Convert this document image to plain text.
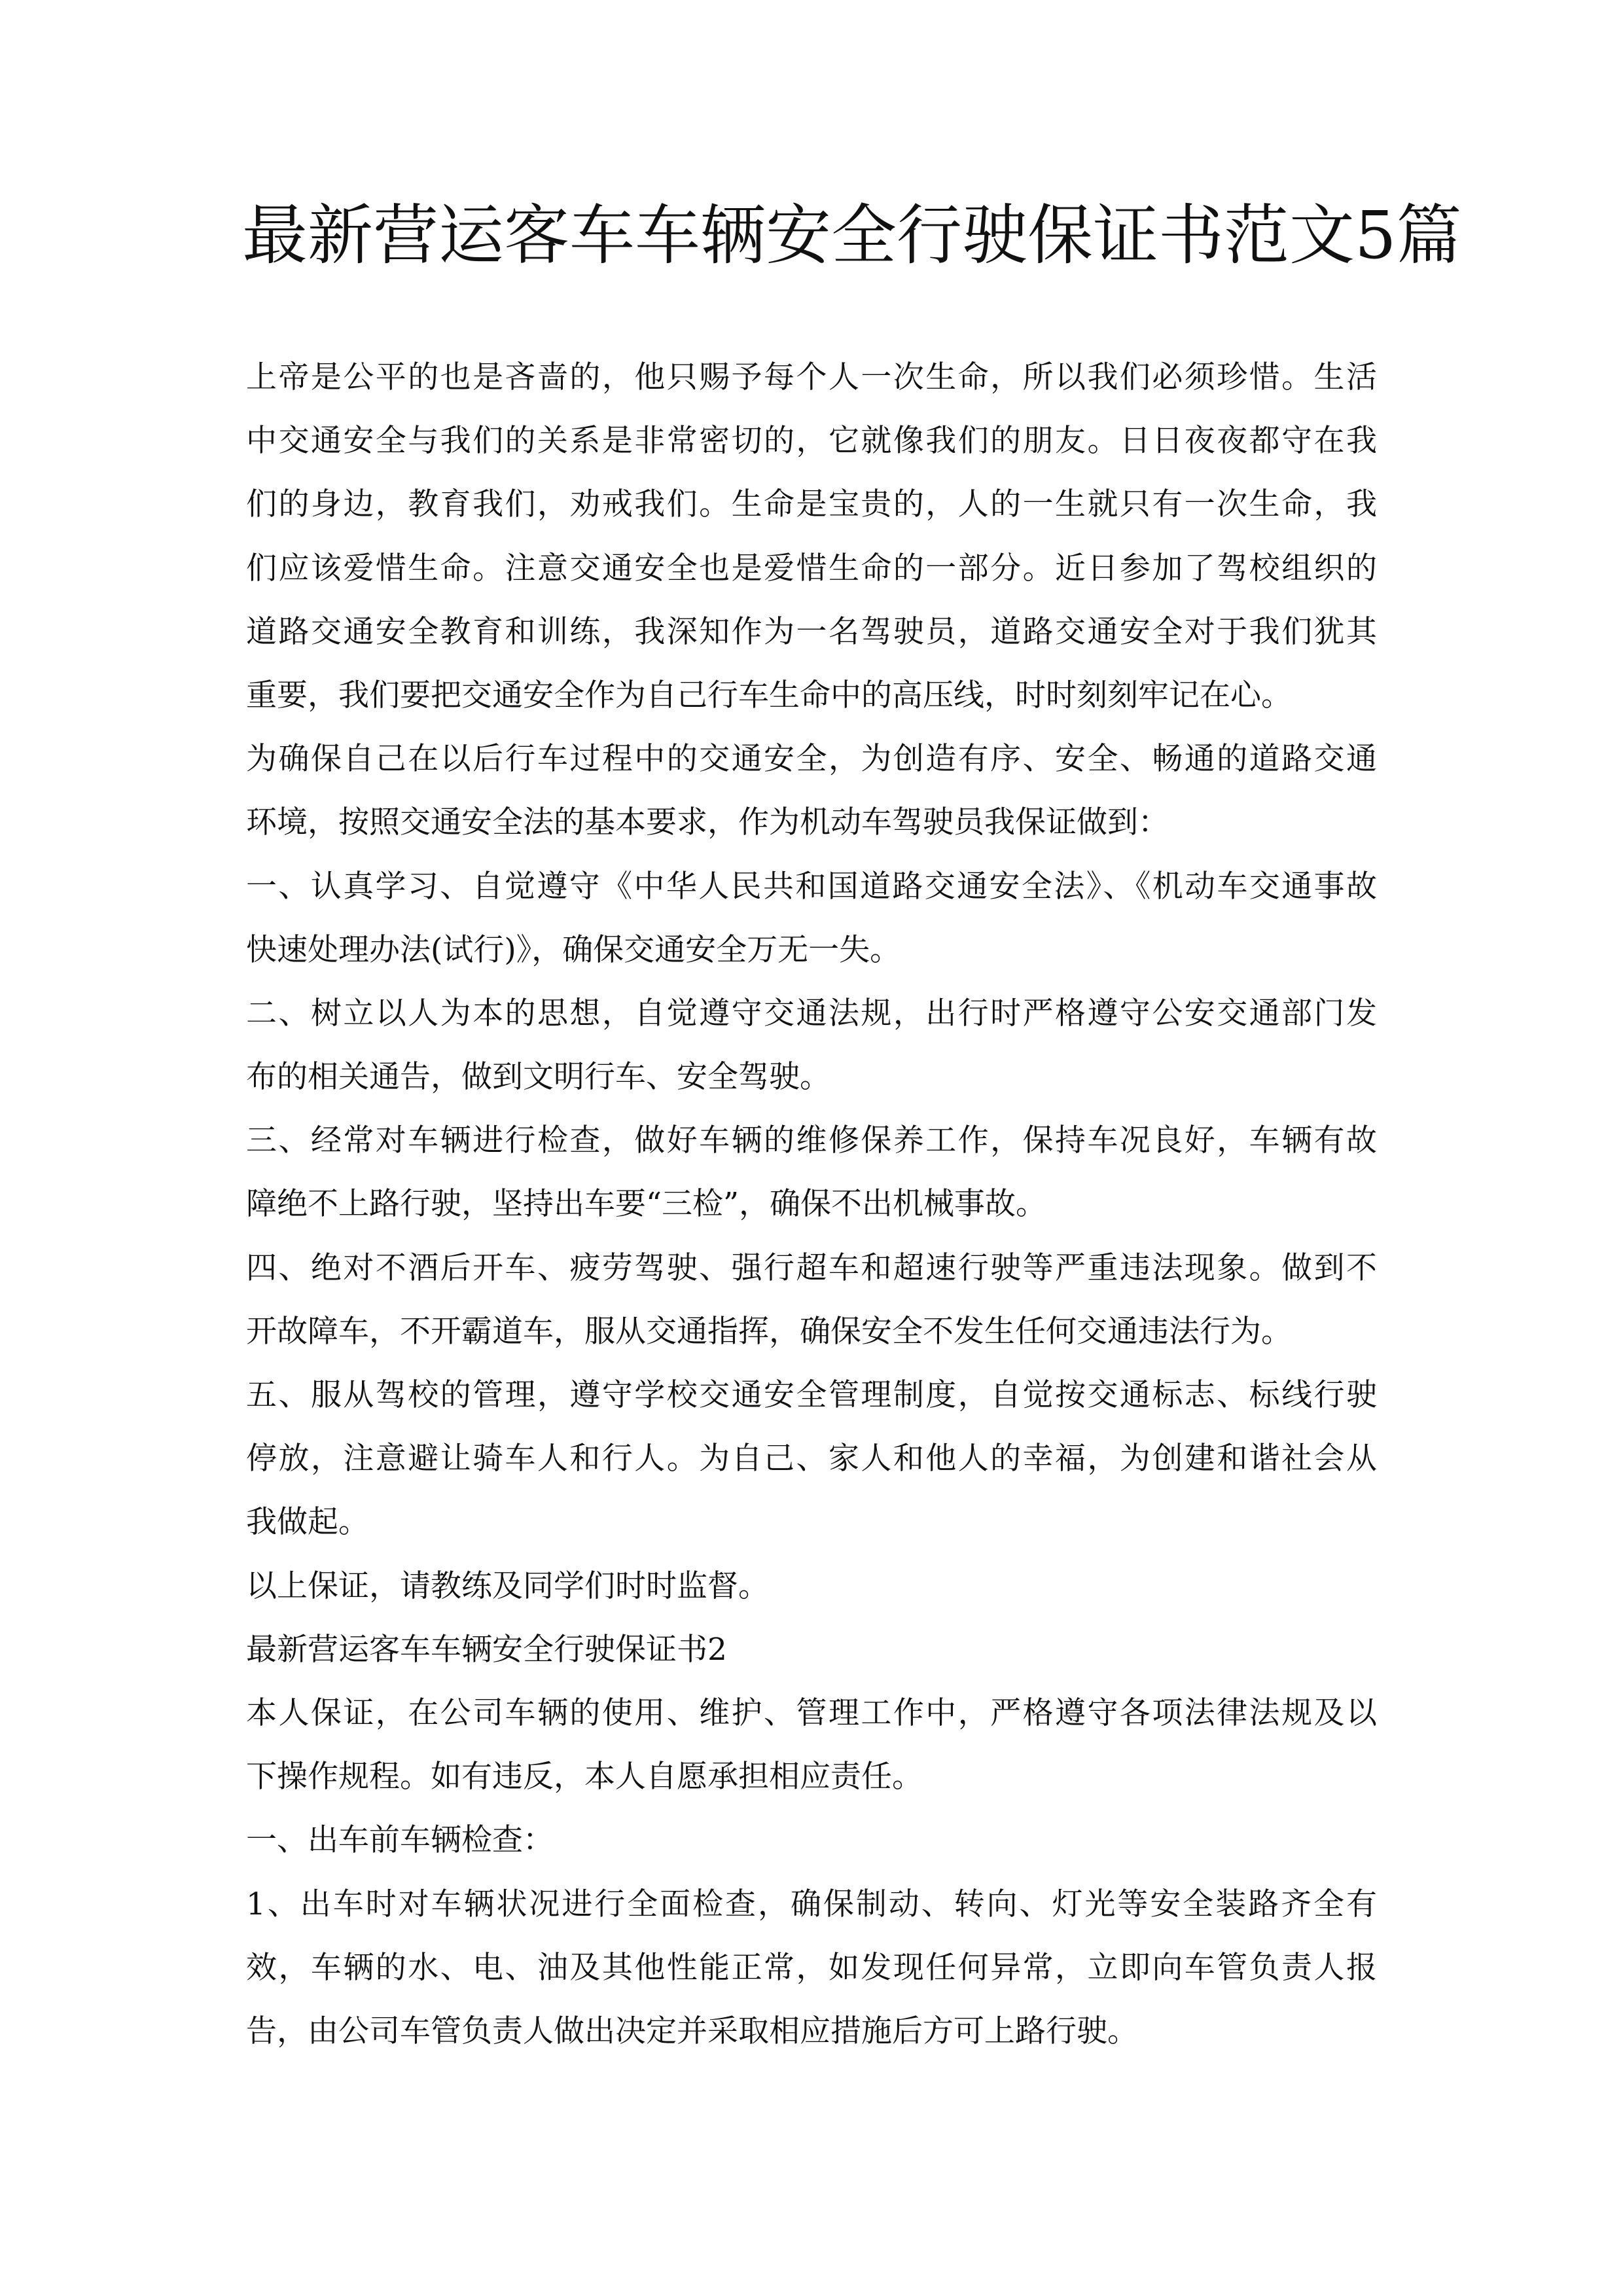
最新营运客车车辆安全行驶保证书范文5篇
上帝是公平的也是吝啬的，他只赐予每个人一次生命，所以我们必须珍惜。生活
中交通安全与我们的关系是非常密切的，它就像我们的朋友。日日夜夜都守在我
们的身边，教育我们，劝戒我们。生命是宝贵的，人的一生就只有一次生命，我
们应该爱惜生命。注意交通安全也是爱惜生命的一部分。近日参加了驾校组织的
道路交通安全教育和训练，我深知作为一名驾驶员，道路交通安全对于我们犹其
重要，我们要把交通安全作为自己行车生命中的高压线，时时刻刻牢记在心。
为确保自己在以后行车过程中的交通安全，为创造有序、安全、畅通的道路交通
环境，按照交通安全法的基本要求，作为机动车驾驶员我保证做到：
一、认真学习、自觉遵守《中华人民共和国道路交通安全法》、《机动车交通事故
快速处理办法(试行)》，确保交通安全万无一失。
二、树立以人为本的思想，自觉遵守交通法规，出行时严格遵守公安交通部门发
布的相关通告，做到文明行车、安全驾驶。
三、经常对车辆进行检查，做好车辆的维修保养工作，保持车况良好，车辆有故
障绝不上路行驶，坚持出车要“三检”，确保不出机械事故。
四、绝对不酒后开车、疲劳驾驶、强行超车和超速行驶等严重违法现象。做到不
开故障车，不开霸道车，服从交通指挥，确保安全不发生任何交通违法行为。
五、服从驾校的管理，遵守学校交通安全管理制度，自觉按交通标志、标线行驶
停放，注意避让骑车人和行人。为自己、家人和他人的幸福，为创建和谐社会从
我做起。
以上保证，请教练及同学们时时监督。
最新营运客车车辆安全行驶保证书2
本人保证，在公司车辆的使用、维护、管理工作中，严格遵守各项法律法规及以
下操作规程。如有违反，本人自愿承担相应责任。
一、出车前车辆检查：
1、出车时对车辆状况进行全面检查，确保制动、转向、灯光等安全装路齐全有
效，车辆的水、电、油及其他性能正常，如发现任何异常，立即向车管负责人报
告，由公司车管负责人做出决定并采取相应措施后方可上路行驶。
